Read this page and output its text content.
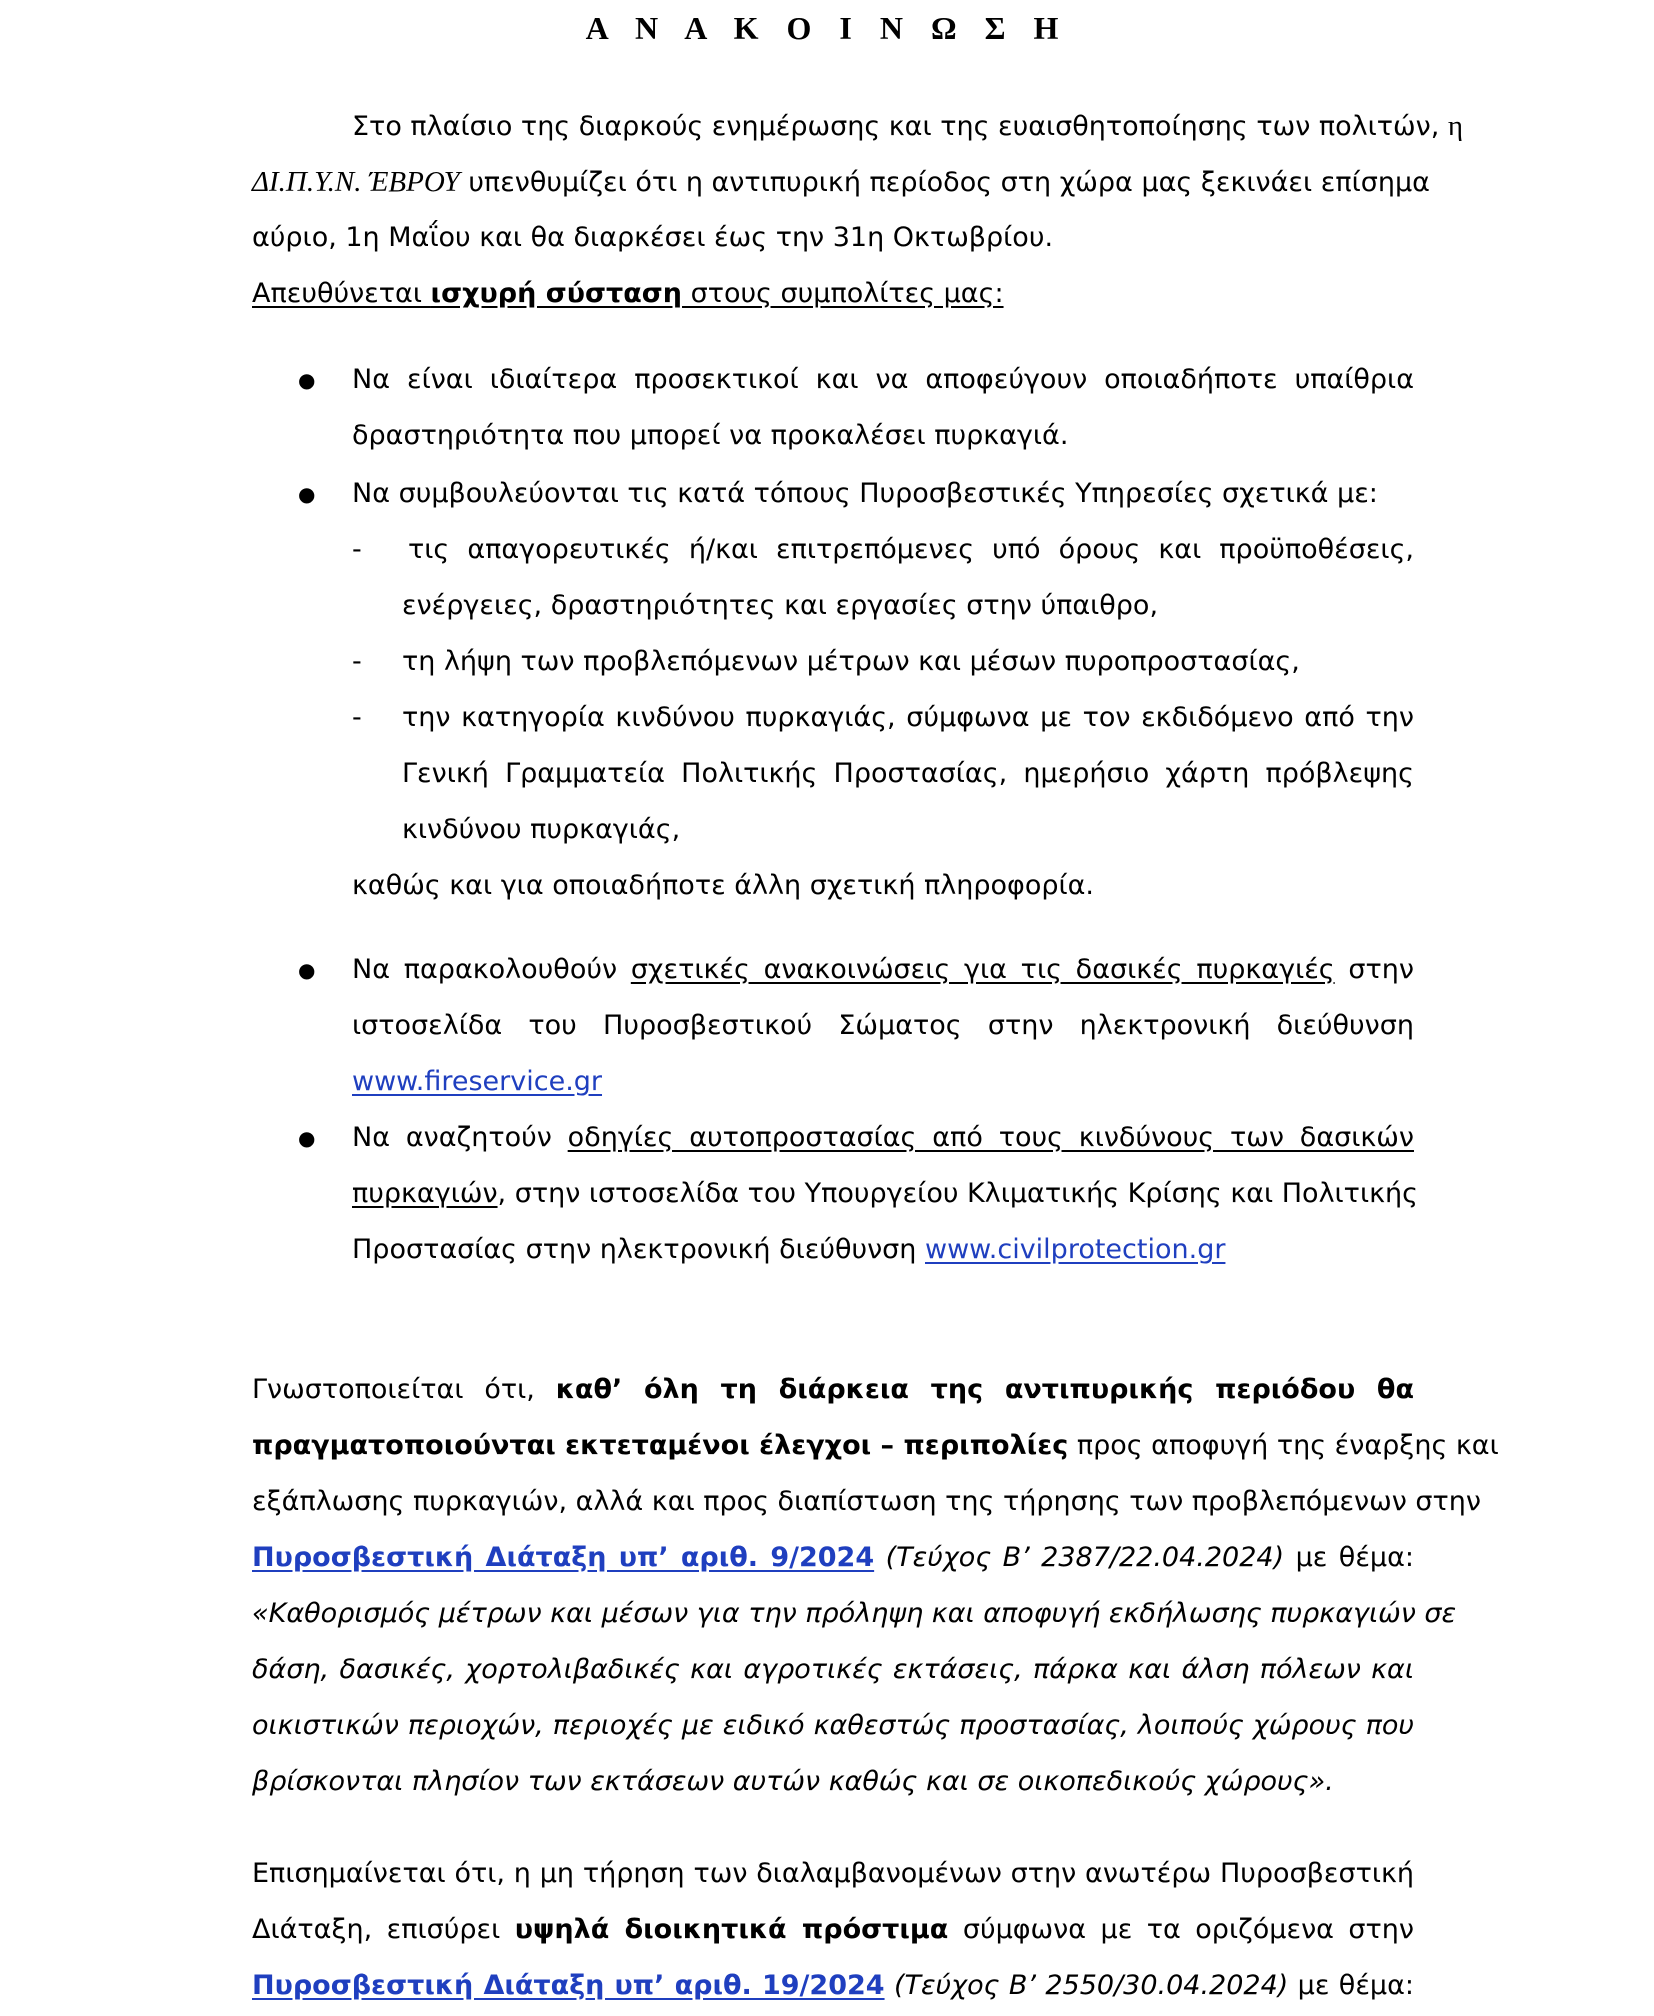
Α Ν Α Κ Ο Ι Ν Ω Σ Η
Στο πλαίσιο της διαρκούς ενημέρωσης και της ευαισθητοποίησης των πολιτών, η
ΔΙ.Π.Υ.Ν. ΈΒΡΟΥ υπενθυμίζει ότι η αντιπυρική περίοδος στη χώρα μας ξεκινάει επίσημα
αύριο, 1η Μαΐου και θα διαρκέσει έως την 31η Οκτωβρίου.
Απευθύνεται ισχυρή σύσταση στους συμπολίτες μας:
● Να είναι ιδιαίτερα προσεκτικοί και να αποφεύγουν οποιαδήποτε υπαίθρια
δραστηριότητα που μπορεί να προκαλέσει πυρκαγιά.
● Να συμβουλεύονται τις κατά τόπους Πυροσβεστικές Υπηρεσίες σχετικά με:
-	τις απαγορευτικές ή/και επιτρεπόμενες υπό όρους και προϋποθέσεις,
ενέργειες, δραστηριότητες και εργασίες στην ύπαιθρο,
-	τη λήψη των προβλεπόμενων μέτρων και μέσων πυροπροστασίας,
-	την κατηγορία κινδύνου πυρκαγιάς, σύμφωνα με τον εκδιδόμενο από την
Γενική Γραμματεία Πολιτικής Προστασίας, ημερήσιο χάρτη πρόβλεψης
κινδύνου πυρκαγιάς,
καθώς και για οποιαδήποτε άλλη σχετική πληροφορία.
● Να παρακολουθούν σχετικές ανακοινώσεις για τις δασικές πυρκαγιές στην
ιστοσελίδα του Πυροσβεστικού Σώματος στην ηλεκτρονική διεύθυνση
www.fireservice.gr
● Να αναζητούν οδηγίες αυτοπροστασίας από τους κινδύνους των δασικών
πυρκαγιών, στην ιστοσελίδα του Υπουργείου Κλιματικής Κρίσης και Πολιτικής
Προστασίας στην ηλεκτρονική διεύθυνση www.civilprotection.gr
Γνωστοποιείται ότι, καθ’ όλη τη διάρκεια της αντιπυρικής περιόδου θα
πραγματοποιούνται εκτεταμένοι έλεγχοι – περιπολίες προς αποφυγή της έναρξης και
εξάπλωσης πυρκαγιών, αλλά και προς διαπίστωση της τήρησης των προβλεπόμενων στην
Πυροσβεστική Διάταξη υπ’ αριθ. 9/2024 (Τεύχος Β’ 2387/22.04.2024) με θέμα:
«Καθορισμός μέτρων και μέσων για την πρόληψη και αποφυγή εκδήλωσης πυρκαγιών σε
δάση, δασικές, χορτολιβαδικές και αγροτικές εκτάσεις, πάρκα και άλση πόλεων και
οικιστικών περιοχών, περιοχές με ειδικό καθεστώς προστασίας, λοιπούς χώρους που
βρίσκονται πλησίον των εκτάσεων αυτών καθώς και σε οικοπεδικούς χώρους».
Επισημαίνεται ότι, η μη τήρηση των διαλαμβανομένων στην ανωτέρω Πυροσβεστική
Διάταξη, επισύρει υψηλά διοικητικά πρόστιμα σύμφωνα με τα οριζόμενα στην
Πυροσβεστική Διάταξη υπ’ αριθ. 19/2024 (Τεύχος Β’ 2550/30.04.2024) με θέμα:
